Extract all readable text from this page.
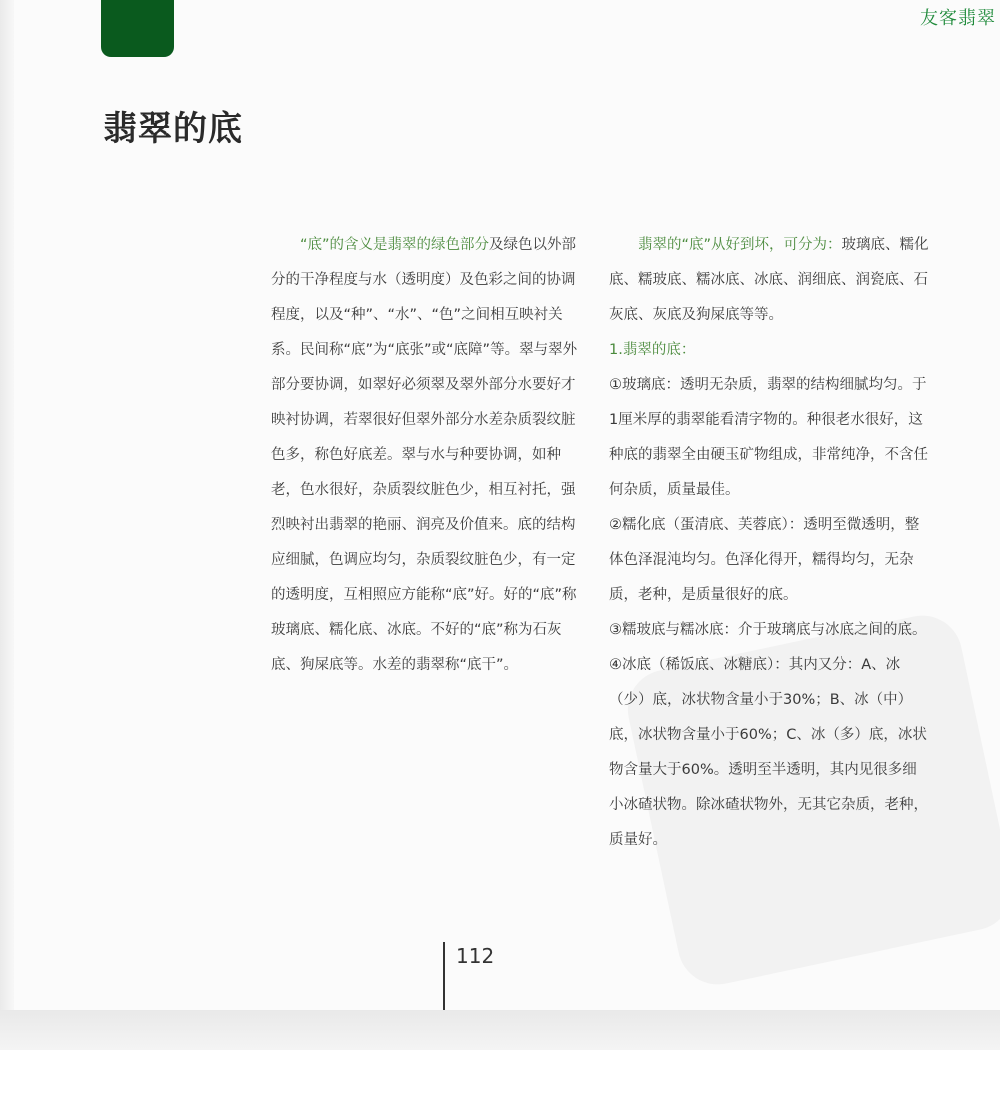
友客翡翠
翡翠的底

“底”的含义是翡翠的绿色部分及绿色以外部分的干净程度与水（透明度）及色彩之间的协调程度，以及“种”、“水”、“色”之间相互映衬关系。民间称“底”为“底张”或“底障”等。翠与翠外部分要协调，如翠好必须翠及翠外部分水要好才映衬协调，若翠很好但翠外部分水差杂质裂纹脏色多，称色好底差。翠与水与种要协调，如种老，色水很好，杂质裂纹脏色少，相互衬托，强烈映衬出翡翠的艳丽、润亮及价值来。底的结构应细腻，色调应均匀，杂质裂纹脏色少，有一定的透明度，互相照应方能称“底”好。好的“底”称玻璃底、糯化底、冰底。不好的“底”称为石灰底、狗屎底等。水差的翡翠称“底干”。

翡翠的“底”从好到坏，可分为：玻璃底、糯化底、糯玻底、糯冰底、冰底、润细底、润瓷底、石灰底、灰底及狗屎底等等。

1.翡翠的底：

①玻璃底：透明无杂质，翡翠的结构细腻均匀。于1厘米厚的翡翠能看清字物的。种很老水很好，这种底的翡翠全由硬玉矿物组成，非常纯净，不含任何杂质，质量最佳。

②糯化底（蛋清底、芙蓉底）：透明至微透明，整体色泽混沌均匀。色泽化得开，糯得均匀，无杂质，老种，是质量很好的底。

③糯玻底与糯冰底：介于玻璃底与冰底之间的底。

④冰底（稀饭底、冰糖底）：其内又分：A、冰（少）底，冰状物含量小于30%；B、冰（中）底，冰状物含量小于60%；C、冰（多）底，冰状物含量大于60%。透明至半透明，其内见很多细小冰碴状物。除冰碴状物外，无其它杂质，老种，质量好。

112
